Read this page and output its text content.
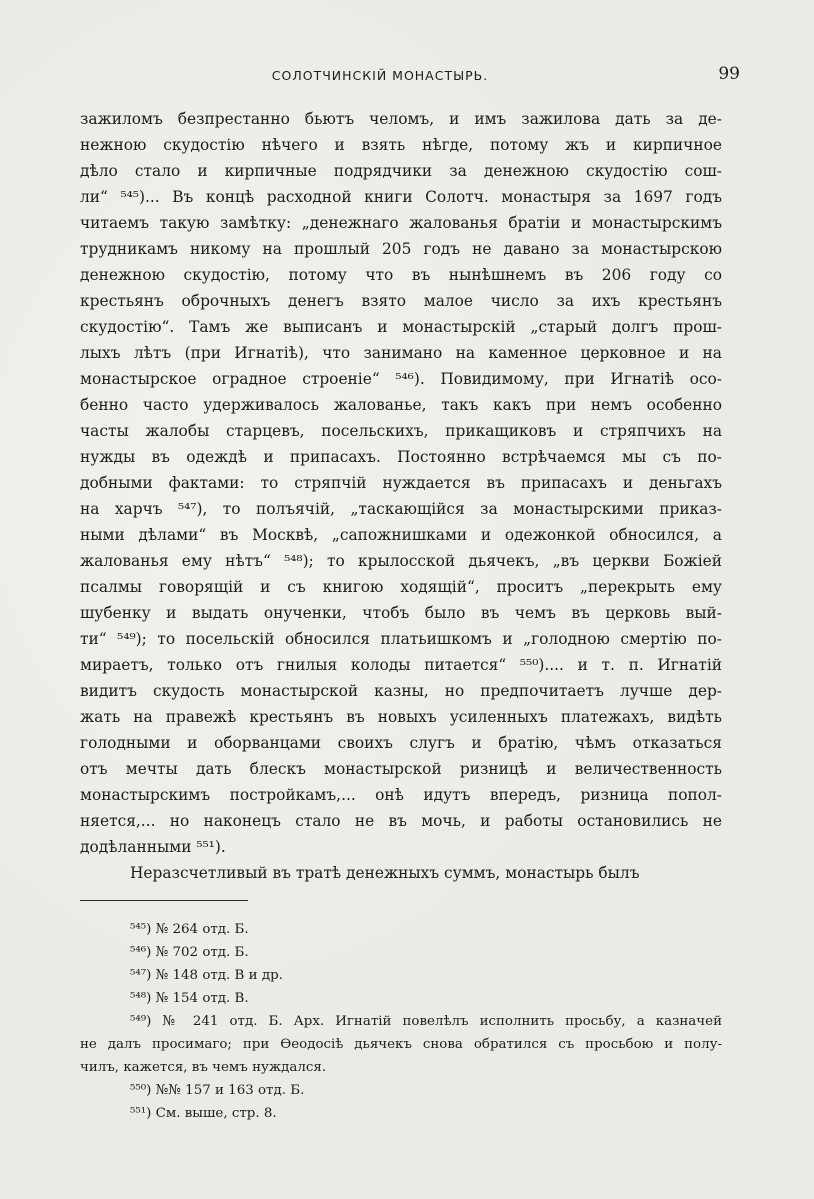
СОЛОТЧИНСКІЙ МОНАСТЫРЬ.	99
зажиломъ безпрестанно бьютъ челомъ, и имъ зажилова дать за де-
нежною скудостію нѣчего и взять нѣгде, потому жъ и кирпичное
дѣло стало и кирпичные подрядчики за денежною скудостію сош-
ли“ ⁵⁴⁵)... Въ концѣ расходной книги Солотч. монастыря за 1697 годъ
читаемъ такую замѣтку: „денежнаго жалованья братіи и монастырскимъ
трудникамъ никому на прошлый 205 годъ не давано за монастырскою
денежною скудостію, потому что въ нынѣшнемъ въ 206 году со
крестьянъ оброчныхъ денегъ взято малое число за ихъ крестьянъ
скудостію“. Тамъ же выписанъ и монастырскій „старый долгъ прош-
лыхъ лѣтъ (при Игнатіѣ), что занимано на каменное церковное и на
монастырское оградное строеніе“ ⁵⁴⁶). Повидимому, при Игнатіѣ осо-
бенно часто удерживалось жалованье, такъ какъ при немъ особенно
часты жалобы старцевъ, посельскихъ, прикащиковъ и стряпчихъ на
нужды въ одеждѣ и припасахъ. Постоянно встрѣчаемся мы съ по-
добными фактами: то стряпчій нуждается въ припасахъ и деньгахъ
на харчъ ⁵⁴⁷), то полъячій, „таскающійся за монастырскими приказ-
ными дѣлами“ въ Москвѣ, „сапожнишками и одежонкой обносился, а
жалованья ему нѣтъ“ ⁵⁴⁸); то крылосской дьячекъ, „въ церкви Божіей
псалмы говорящій и съ книгою ходящій“, проситъ „перекрыть ему
шубенку и выдать онученки, чтобъ было въ чемъ въ церковь вый-
ти“ ⁵⁴⁹); то посельскій обносился платьишкомъ и „голодною смертію по-
мираетъ, только отъ гнилыя колоды питается“ ⁵⁵⁰).... и т. п. Игнатій
видитъ скудость монастырской казны, но предпочитаетъ лучше дер-
жать на правежѣ крестьянъ въ новыхъ усиленныхъ платежахъ, видѣть
голодными и оборванцами своихъ слугъ и братію, чѣмъ отказаться
отъ мечты дать блескъ монастырской ризницѣ и величественность
монастырскимъ постройкамъ,... онѣ идутъ впередъ, ризница попол-
няется,... но наконецъ стало не въ мочь, и работы остановились не
додѣланными ⁵⁵¹).
Неразсчетливый въ тратѣ денежныхъ суммъ, монастырь былъ
⁵⁴⁵) № 264 отд. Б.
⁵⁴⁶) № 702 отд. Б.
⁵⁴⁷) № 148 отд. В и др.
⁵⁴⁸) № 154 отд. В.
⁵⁴⁹) № 241 отд. Б. Арх. Игнатій повелѣлъ исполнить просьбу, а казначей
не далъ просимаго; при Ѳеодосіѣ дьячекъ снова обратился съ просьбою и полу-
чилъ, кажется, въ чемъ нуждался.
⁵⁵⁰) №№ 157 и 163 отд. Б.
⁵⁵¹) См. выше, стр. 8.
